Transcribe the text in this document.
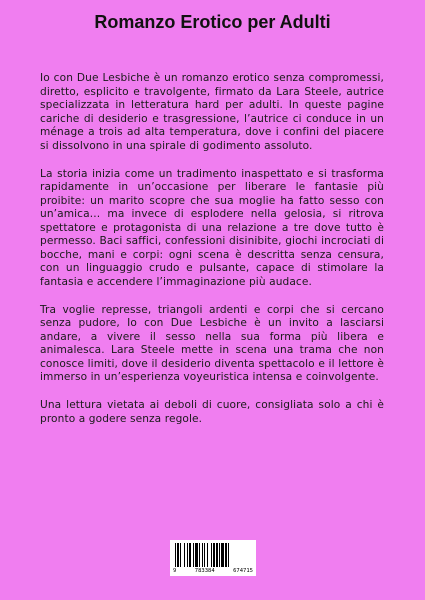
Romanzo Erotico per Adulti

Io con Due Lesbiche è un romanzo erotico senza compromessi, diretto, esplicito e travolgente, firmato da Lara Steele, autrice specializzata in letteratura hard per adulti. In queste pagine cariche di desiderio e trasgressione, l’autrice ci conduce in un ménage a trois ad alta temperatura, dove i confini del piacere si dissolvono in una spirale di godimento assoluto.

La storia inizia come un tradimento inaspettato e si trasforma rapidamente in un’occasione per liberare le fantasie più proibite: un marito scopre che sua moglie ha fatto sesso con un’amica… ma invece di esplodere nella gelosia, si ritrova spettatore e protagonista di una relazione a tre dove tutto è permesso. Baci saffici, confessioni disinibite, giochi incrociati di bocche, mani e corpi: ogni scena è descritta senza censura, con un linguaggio crudo e pulsante, capace di stimolare la fantasia e accendere l’immaginazione più audace.

Tra voglie represse, triangoli ardenti e corpi che si cercano senza pudore, Io con Due Lesbiche è un invito a lasciarsi andare, a vivere il sesso nella sua forma più libera e animalesca. Lara Steele mette in scena una trama che non conosce limiti, dove il desiderio diventa spettacolo e il lettore è immerso in un’esperienza voyeuristica intensa e coinvolgente.

Una lettura vietata ai deboli di cuore, consigliata solo a chi è pronto a godere senza regole.

9	783384	674715
